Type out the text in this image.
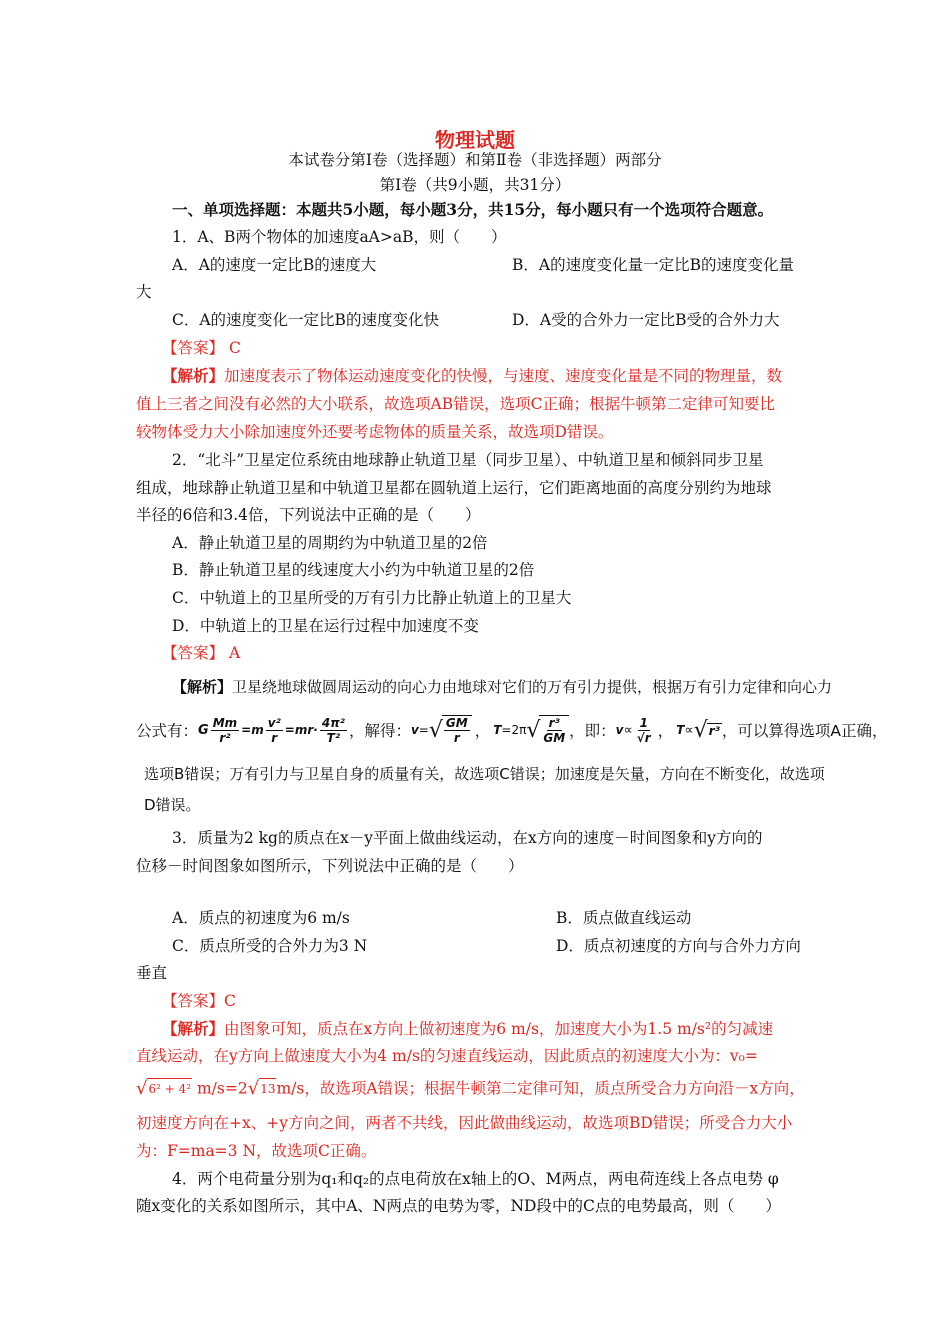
物理试题
本试卷分第Ⅰ卷（选择题）和第Ⅱ卷（非选择题）两部分
第Ⅰ卷（共9小题，共31分）
一、单项选择题：本题共5小题，每小题3分，共15分，每小题只有一个选项符合题意。
1．A、B两个物体的加速度aA>aB，则（　　）
A．A的速度一定比B的速度大	B．A的速度变化量一定比B的速度变化量
大
C．A的速度变化一定比B的速度变化快	D．A受的合外力一定比B受的合外力大
【答案】 C
【解析】加速度表示了物体运动速度变化的快慢，与速度、速度变化量是不同的物理量，数
值上三者之间没有必然的大小联系，故选项AB错误，选项C正确；根据牛顿第二定律可知要比
较物体受力大小除加速度外还要考虑物体的质量关系，故选项D错误。
2．“北斗”卫星定位系统由地球静止轨道卫星（同步卫星）、中轨道卫星和倾斜同步卫星
组成，地球静止轨道卫星和中轨道卫星都在圆轨道上运行，它们距离地面的高度分别约为地球
半径的6倍和3.4倍，下列说法中正确的是（　　）
A．静止轨道卫星的周期约为中轨道卫星的2倍
B．静止轨道卫星的线速度大小约为中轨道卫星的2倍
C．中轨道上的卫星所受的万有引力比静止轨道上的卫星大
D．中轨道上的卫星在运行过程中加速度不变
【答案】 A
【解析】卫星绕地球做圆周运动的向心力由地球对它们的万有引力提供，根据万有引力定律和向心力
公式有： G $\frac{Mm}{\text{r²}} = m \frac{\text{v²}}{r} = mr\cdot \frac{\text{4π²}}{\text{T²}}$ ，解得： v = √ $\frac{GM}{r}$ ， T =2π √ $\frac{\text{r³}}{GM}$ ，即： $v \propto \frac{1}{√r}$ ， T ∝ √ r³ ，可以算得选项A正确，
选项B错误；万有引力与卫星自身的质量有关，故选项C错误；加速度是矢量，方向在不断变化，故选项
D错误。
3．质量为2 kg的质点在x－y平面上做曲线运动，在x方向的速度－时间图象和y方向的
位移－时间图象如图所示，下列说法中正确的是（　　）
A．质点的初速度为6 m/s	B．质点做直线运动
C．质点所受的合外力为3 N	D．质点初速度的方向与合外力方向
垂直
【答案】C
【解析】由图象可知，质点在x方向上做初速度为6 m/s，加速度大小为1.5 m/s²的匀减速
直线运动，在y方向上做速度大小为4 m/s的匀速直线运动，因此质点的初速度大小为：v₀=
√ 6² + 4² m/s=2 √ 13 m/s，故选项A错误；根据牛顿第二定律可知，质点所受合力方向沿－x方向，
初速度方向在+x、+y方向之间，两者不共线，因此做曲线运动，故选项BD错误；所受合力大小
为：F=ma=3 N，故选项C正确。
4．两个电荷量分别为q₁和q₂的点电荷放在x轴上的O、M两点，两电荷连线上各点电势 φ
随x变化的关系如图所示，其中A、N两点的电势为零，ND段中的C点的电势最高，则（　　）
